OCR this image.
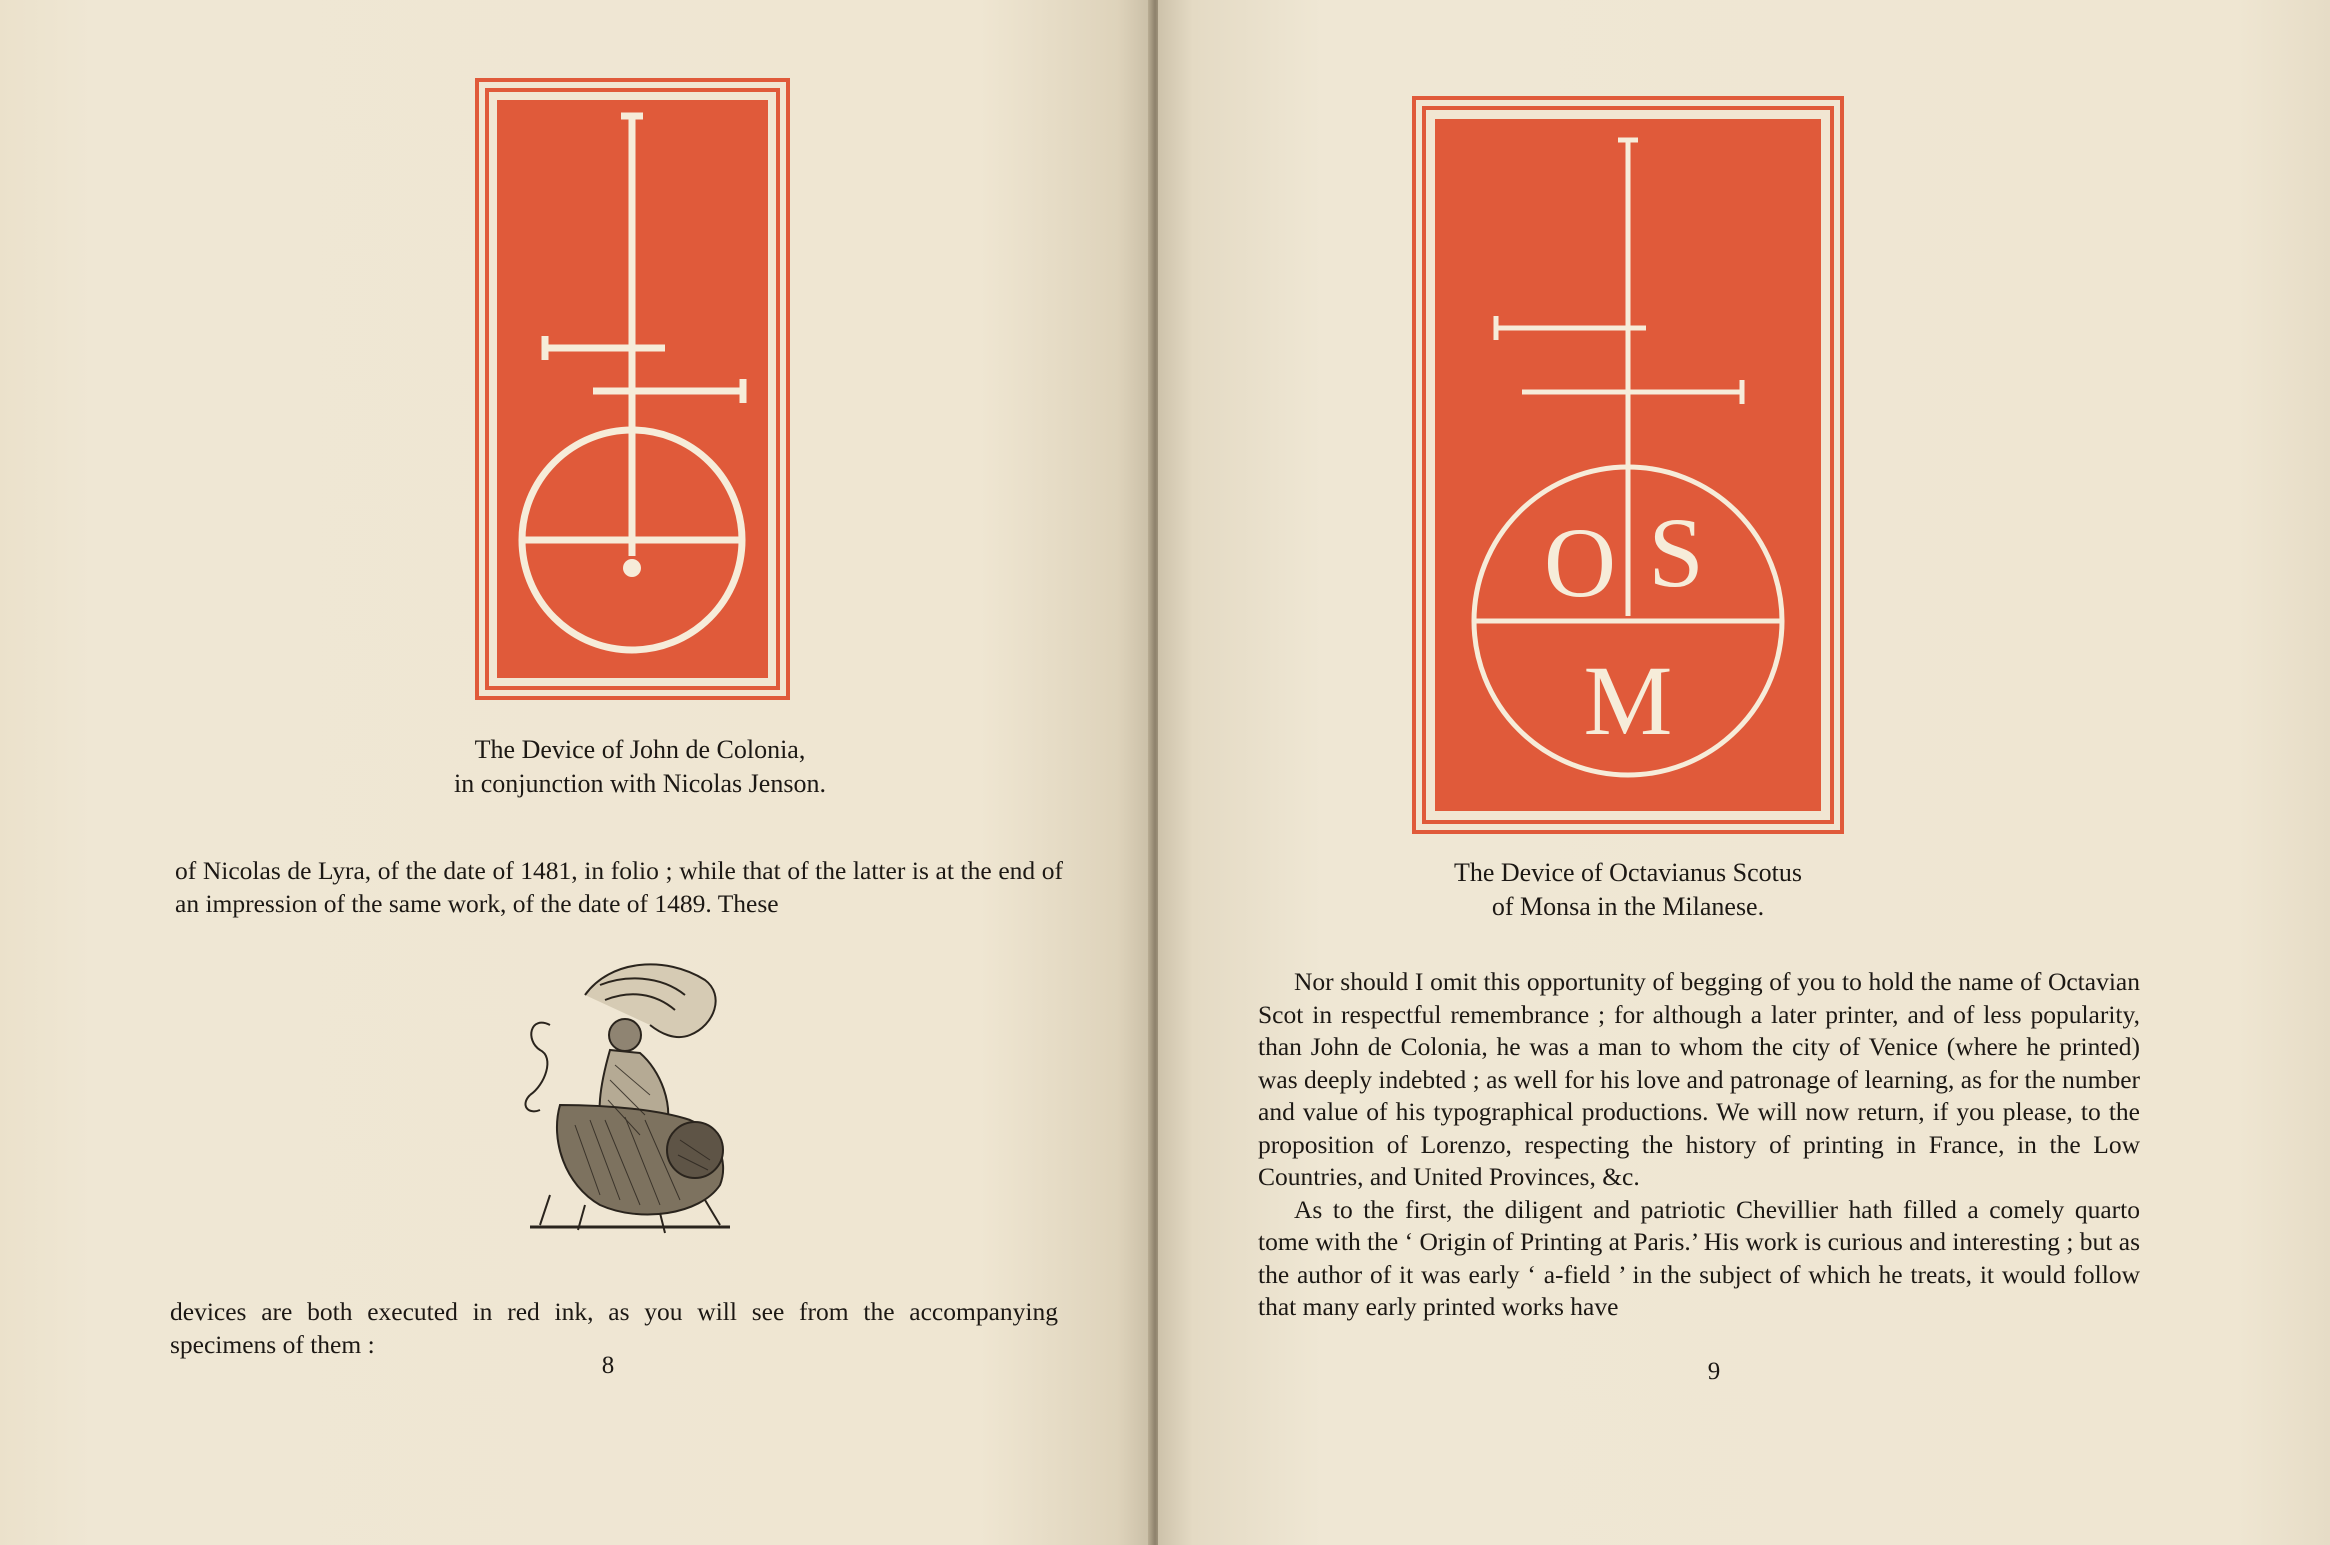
The Device of John de Colonia,
in conjunction with Nicolas Jenson.

of Nicolas de Lyra, of the date of 1481, in folio ; while that of the latter is at the end of an impression of the same work, of the date of 1489. These

devices are both executed in red ink, as you will see from the accompanying specimens of them :

8
O S
M
The Device of Octavianus Scotus
of Monsa in the Milanese.

Nor should I omit this opportunity of begging of you to hold the name of Octavian Scot in respectful remembrance ; for although a later printer, and of less popularity, than John de Colonia, he was a man to whom the city of Venice (where he printed) was deeply indebted ; as well for his love and patronage of learning, as for the number and value of his typographical productions. We will now return, if you please, to the proposition of Lorenzo, respecting the history of printing in France, in the Low Countries, and United Provinces, &c.

As to the first, the diligent and patriotic Chevillier hath filled a comely quarto tome with the ‘ Origin of Printing at Paris.’ His work is curious and interesting ; but as the author of it was early ‘ a-field ’ in the subject of which he treats, it would follow that many early printed works have

9
